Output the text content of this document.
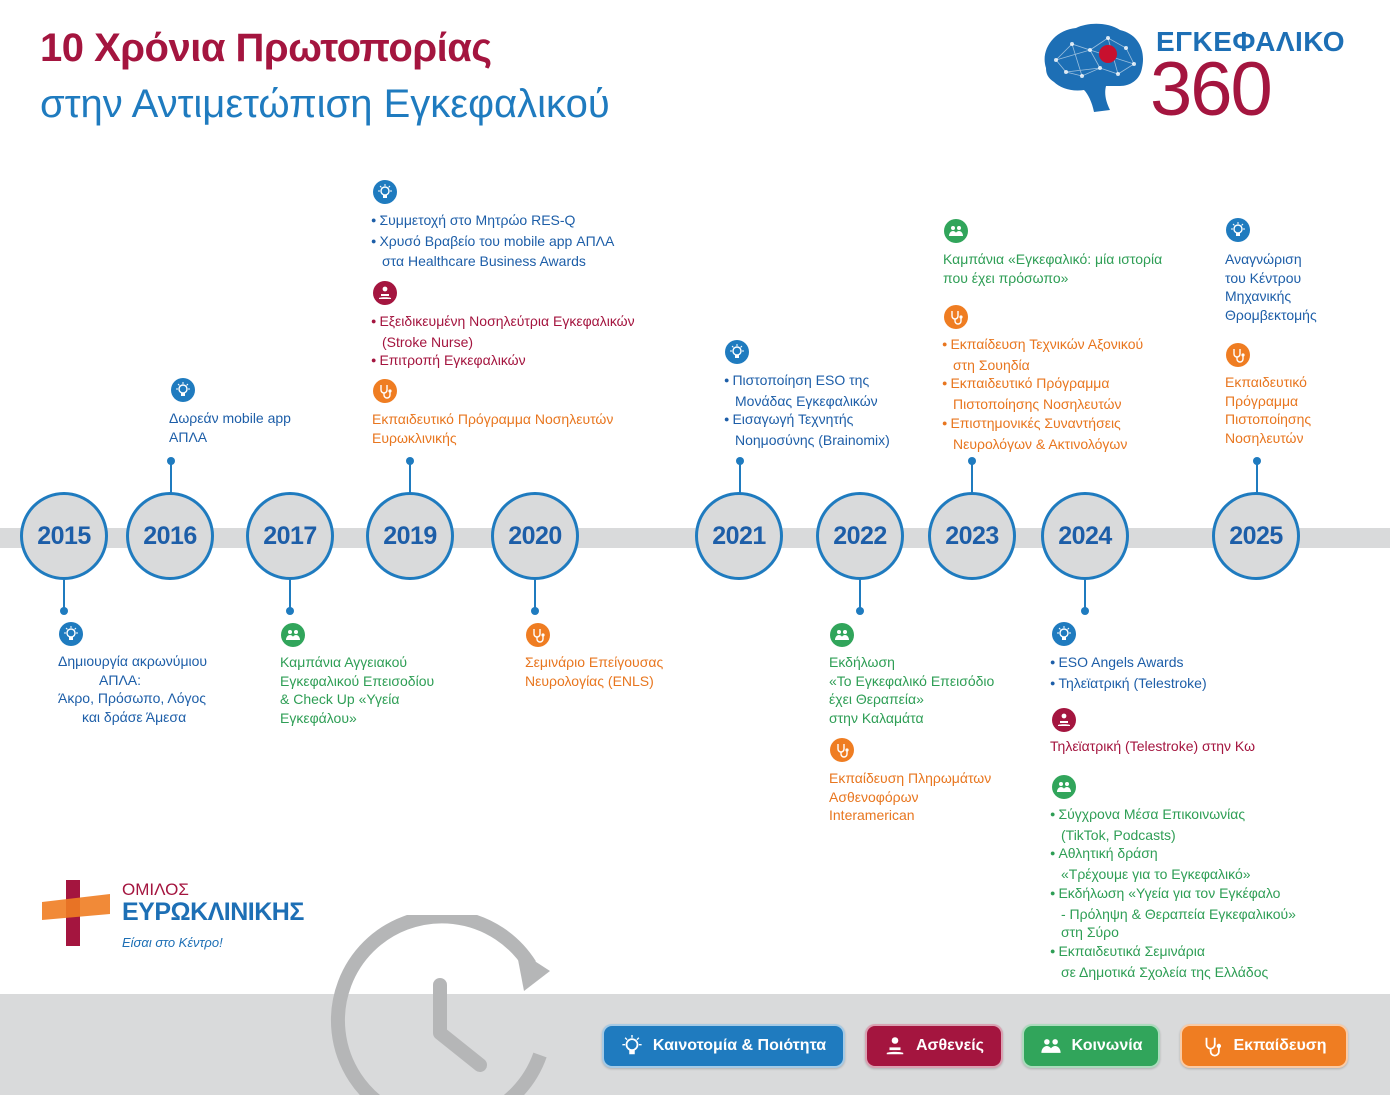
10 Χρόνια Πρωτοπορίας
στην Αντιμετώπιση Εγκεφαλικού
ΕΓΚΕΦΑΛΙΚΟ
360
2015	2016	2017	2019	2020	2021	2022	2023	2024	2025
Δημιουργία ακρωνύμιου
ΑΠΛΑ:
Άκρο, Πρόσωπο, Λόγος
και δράσε Άμεσα
Δωρεάν mobile app
ΑΠΛΑ
Καμπάνια Αγγειακού
Εγκεφαλικού Επεισοδίου
& Check Up «Υγεία
Εγκεφάλου»
● Συμμετοχή στο Μητρώο RES-Q
● Χρυσό Βραβείο του mobile app ΑΠΛΑ
στα Healthcare Business Awards
● Εξειδικευμένη Νοσηλεύτρια Εγκεφαλικών
(Stroke Nurse)
● Επιτροπή Εγκεφαλικών
Εκπαιδευτικό Πρόγραμμα Νοσηλευτών
Ευρωκλινικής
Σεμινάριο Επείγουσας
Νευρολογίας (ENLS)
● Πιστοποίηση ESO της
Μονάδας Εγκεφαλικών
● Εισαγωγή Τεχνητής
Νοημοσύνης (Brainomix)
Εκδήλωση
«Το Εγκεφαλικό Επεισόδιο
έχει Θεραπεία»
στην Καλαμάτα
Εκπαίδευση Πληρωμάτων
Ασθενοφόρων
Interamerican
Καμπάνια «Εγκεφαλικό: μία ιστορία
που έχει πρόσωπο»
● Εκπαίδευση Τεχνικών Αξονικού
στη Σουηδία
● Εκπαιδευτικό Πρόγραμμα
Πιστοποίησης Νοσηλευτών
● Επιστημονικές Συναντήσεις
Νευρολόγων & Ακτινολόγων
● ESO Angels Awards
● Τηλεϊατρική (Telestroke)
Τηλεϊατρική (Telestroke) στην Κω
● Σύγχρονα Μέσα Επικοινωνίας
(TikTok, Podcasts)
● Αθλητική δράση
«Τρέχουμε για το Εγκεφαλικό»
● Εκδήλωση «Υγεία για τον Εγκέφαλο
- Πρόληψη & Θεραπεία Εγκεφαλικού»
στη Σύρο
● Εκπαιδευτικά Σεμινάρια
σε Δημοτικά Σχολεία της Ελλάδος
Αναγνώριση
του Κέντρου
Μηχανικής
Θρομβεκτομής
Εκπαιδευτικό
Πρόγραμμα
Πιστοποίησης
Νοσηλευτών
ΟΜΙΛΟΣ
ΕΥΡΩΚΛΙΝΙΚΗΣ
Είσαι στο Κέντρο!
Καινοτομία & Ποιότητα	Ασθενείς	Κοινωνία	Εκπαίδευση
